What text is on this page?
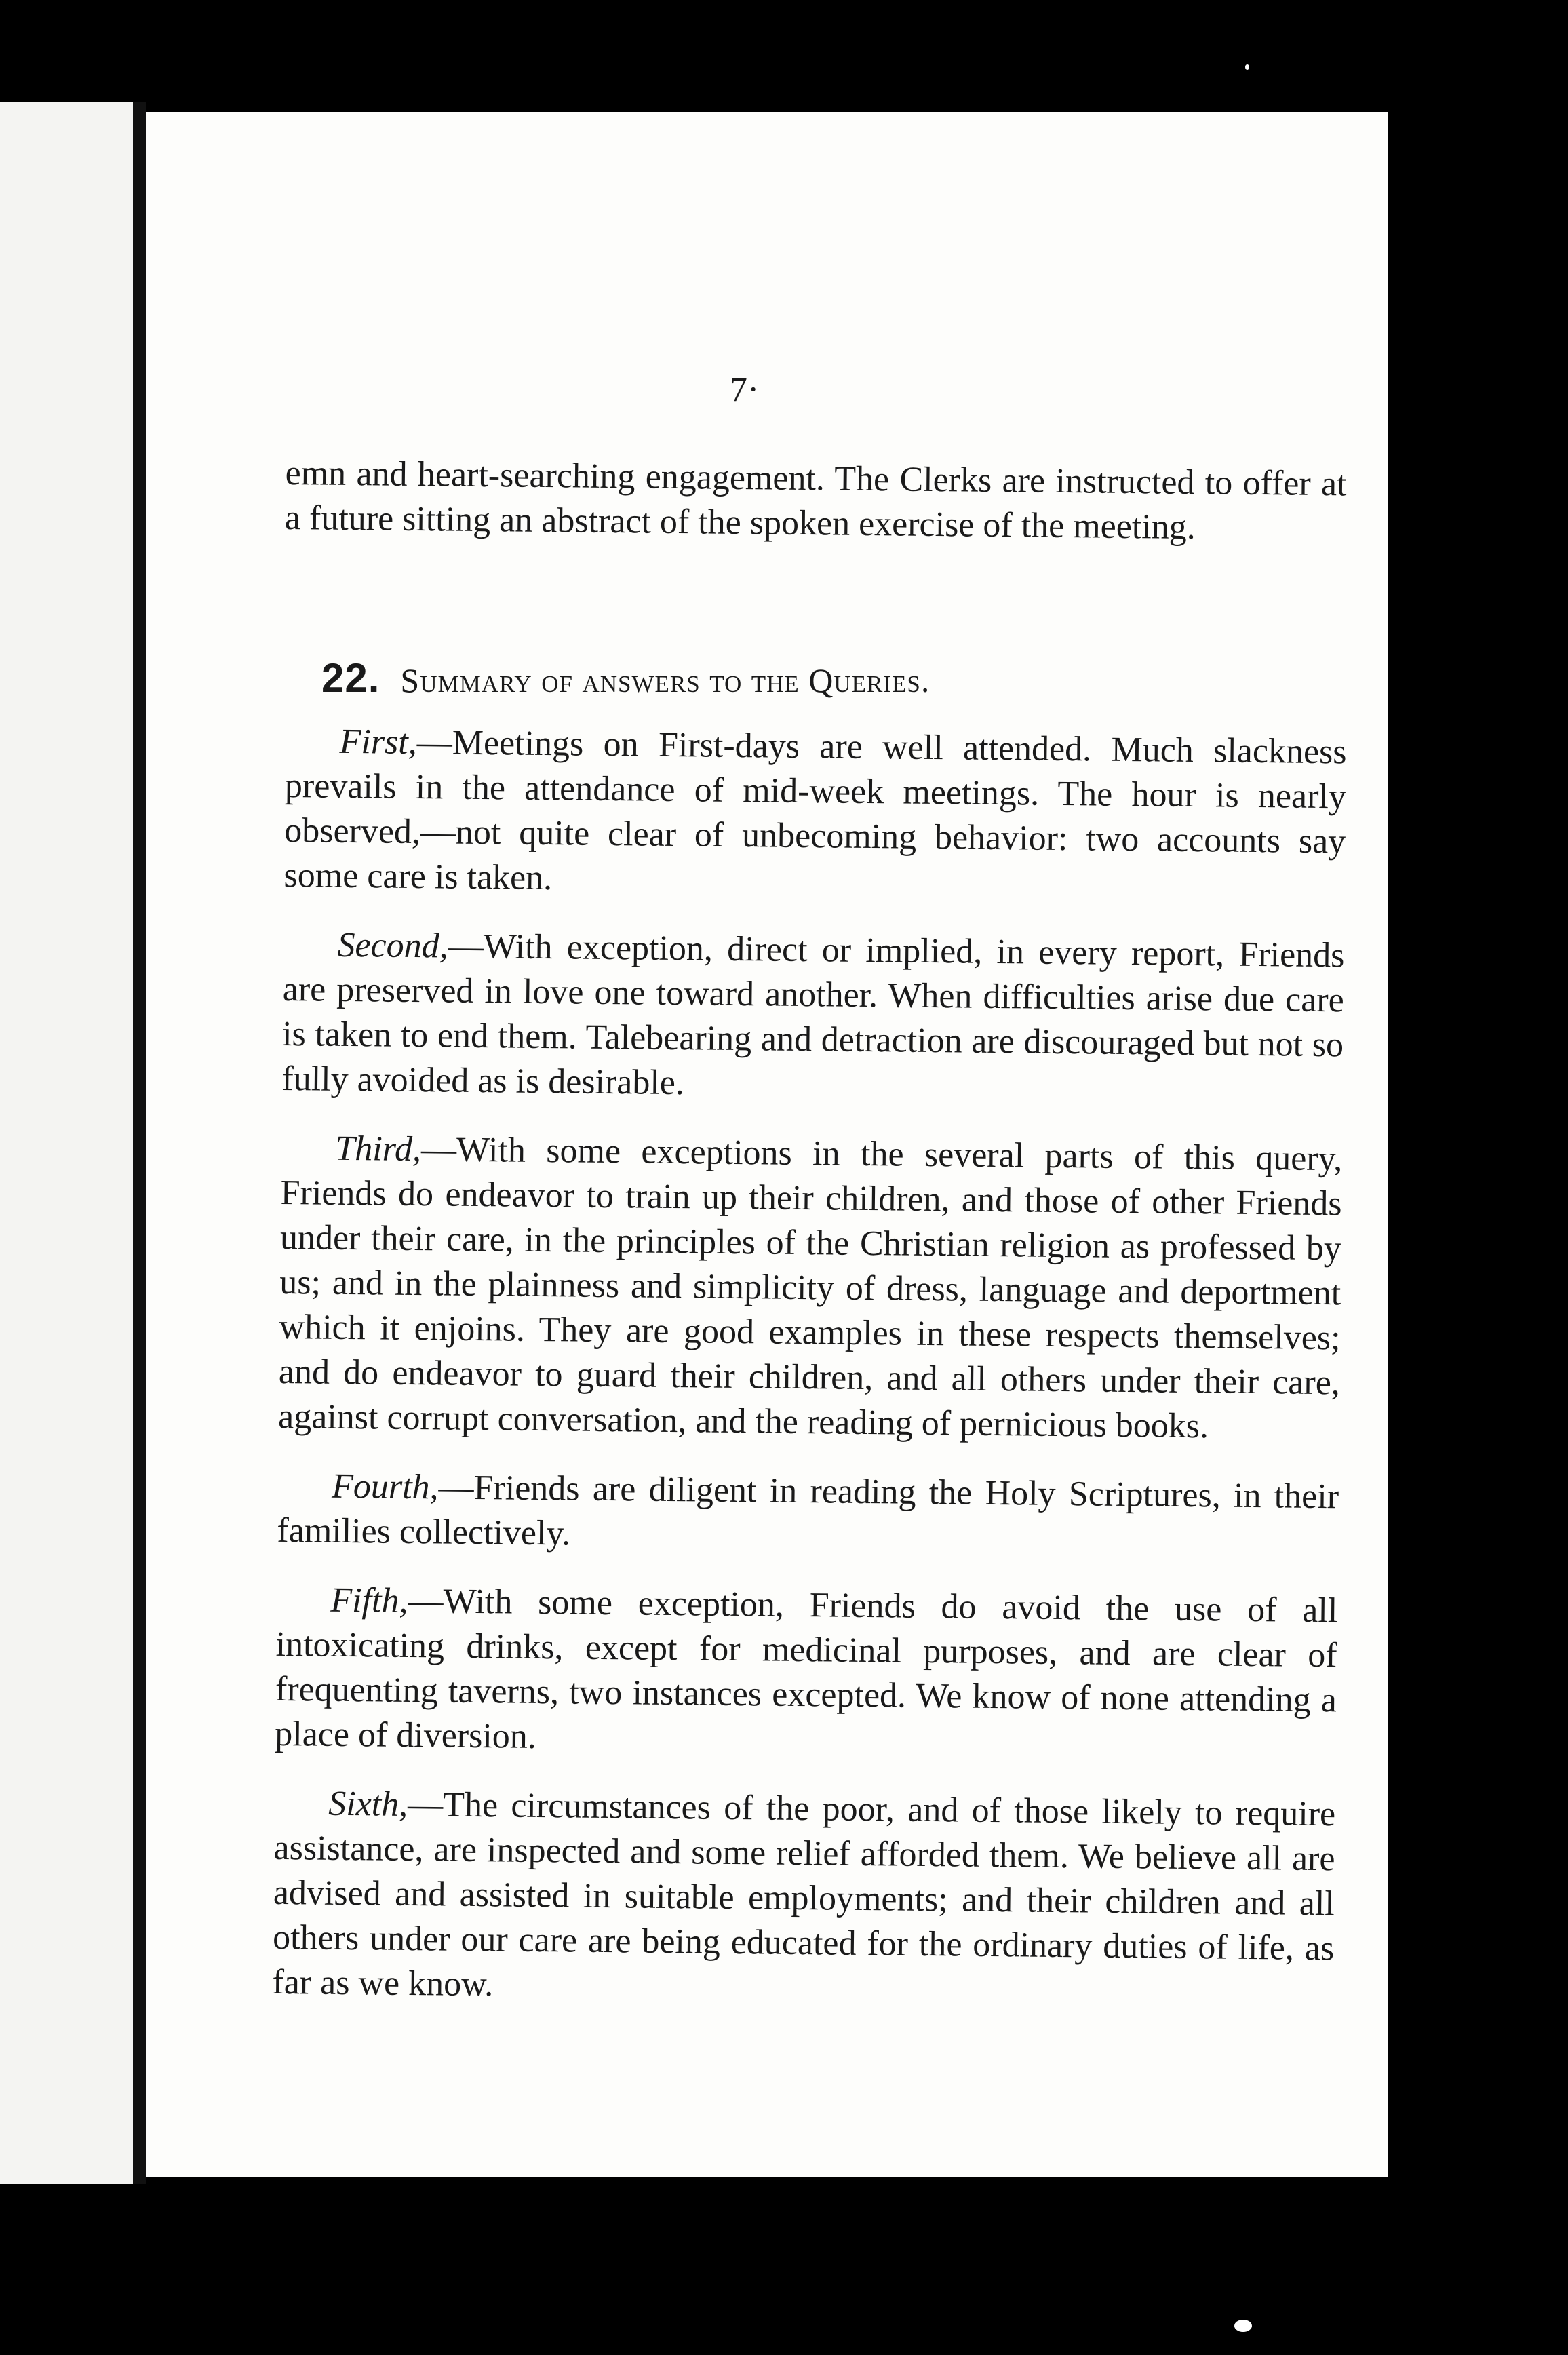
7·
emn and heart-searching engagement. The Clerks are instructed to offer at a future sitting an abstract of the spoken exercise of the meeting.
22. Summary of answers to the Queries.

First,—Meetings on First-days are well attended. Much slackness prevails in the attendance of mid-week meetings. The hour is nearly observed,—not quite clear of unbecoming behavior: two accounts say some care is taken.

Second,—With exception, direct or implied, in every report, Friends are preserved in love one toward another. When difficulties arise due care is taken to end them. Talebearing and detraction are discouraged but not so fully avoided as is desirable.

Third,—With some exceptions in the several parts of this query, Friends do endeavor to train up their children, and those of other Friends under their care, in the principles of the Christian religion as professed by us; and in the plainness and simplicity of dress, language and deportment which it enjoins. They are good examples in these respects themselves; and do endeavor to guard their children, and all others under their care, against corrupt conversation, and the reading of pernicious books.

Fourth,—Friends are diligent in reading the Holy Scriptures, in their families collectively.

Fifth,—With some exception, Friends do avoid the use of all intoxicating drinks, except for medicinal purposes, and are clear of frequenting taverns, two instances excepted. We know of none attending a place of diversion.

Sixth,—The circumstances of the poor, and of those likely to require assistance, are inspected and some relief afforded them. We believe all are advised and assisted in suitable employments; and their children and all others under our care are being educated for the ordinary duties of life, as far as we know.
